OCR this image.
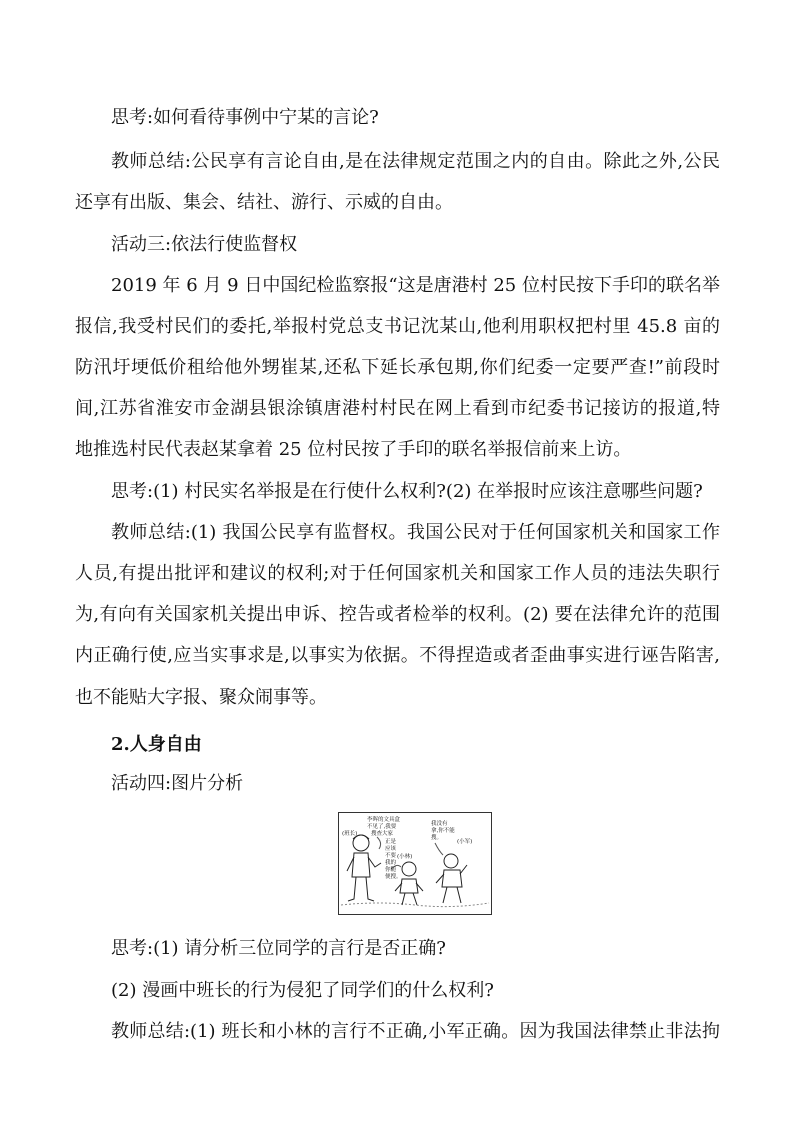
思考:如何看待事例中宁某的言论?
教师总结:公民享有言论自由,是在法律规定范围之内的自由。除此之外,公民
还享有出版、集会、结社、游行、示威的自由。
活动三:依法行使监督权
2019 年 6 月 9 日中国纪检监察报“这是唐港村 25 位村民按下手印的联名举
报信,我受村民们的委托,举报村党总支书记沈某山,他利用职权把村里 45.8 亩的
防汛圩埂低价租给他外甥崔某,还私下延长承包期,你们纪委一定要严查!”前段时
间,江苏省淮安市金湖县银涂镇唐港村村民在网上看到市纪委书记接访的报道,特
地推选村民代表赵某拿着 25 位村民按了手印的联名举报信前来上访。
思考:(1) 村民实名举报是在行使什么权利?(2) 在举报时应该注意哪些问题?
教师总结:(1) 我国公民享有监督权。我国公民对于任何国家机关和国家工作
人员,有提出批评和建议的权利;对于任何国家机关和国家工作人员的违法失职行
为,有向有关国家机关提出申诉、控告或者检举的权利。(2) 要在法律允许的范围
内正确行使,应当实事求是,以事实为依据。不得捏造或者歪曲事实进行诬告陷害,
也不能贴大字报、聚众闹事等。
2.人身自由
活动四:图片分析
(班长)
李晖的文具盒
不见了,我要
搜查大家
(小林)
正是
应该
不要
我的
你随
便搜。
(小军)
我没有
拿,你不能
搜。
思考:(1) 请分析三位同学的言行是否正确?
(2) 漫画中班长的行为侵犯了同学们的什么权利?
教师总结:(1) 班长和小林的言行不正确,小军正确。因为我国法律禁止非法拘
